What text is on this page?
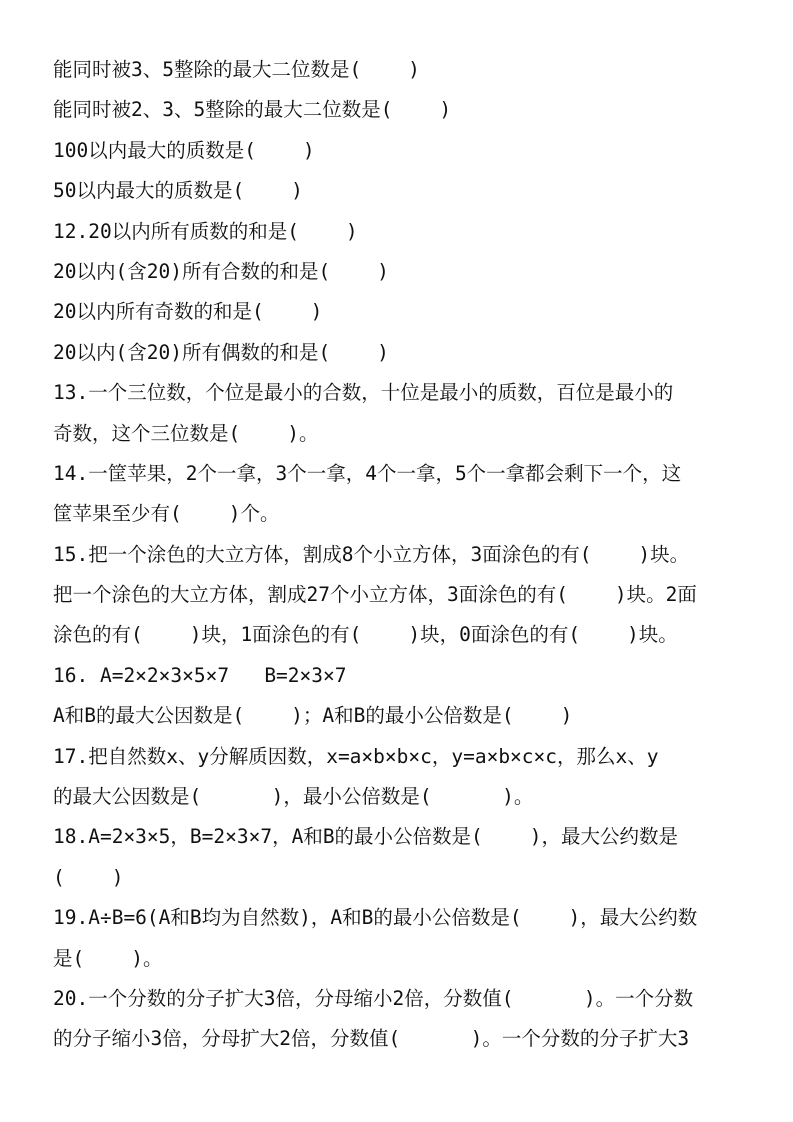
能同时被3、5整除的最大二位数是(    )
能同时被2、3、5整除的最大二位数是(    )
100以内最大的质数是(    )
50以内最大的质数是(    )
12.20以内所有质数的和是(    )
20以内(含20)所有合数的和是(    )
20以内所有奇数的和是(    )
20以内(含20)所有偶数的和是(    )
13.一个三位数，个位是最小的合数，十位是最小的质数，百位是最小的
奇数，这个三位数是(    )。
14.一筐苹果，2个一拿，3个一拿，4个一拿，5个一拿都会剩下一个，这
筐苹果至少有(    )个。
15.把一个涂色的大立方体，割成8个小立方体，3面涂色的有(    )块。
把一个涂色的大立方体，割成27个小立方体，3面涂色的有(    )块。2面
涂色的有(    )块，1面涂色的有(    )块，0面涂色的有(    )块。
16. A=2×2×3×5×7   B=2×3×7
A和B的最大公因数是(    )；A和B的最小公倍数是(    )
17.把自然数x、y分解质因数，x=a×b×b×c，y=a×b×c×c，那么x、y
的最大公因数是(      )，最小公倍数是(      )。
18.A=2×3×5，B=2×3×7，A和B的最小公倍数是(    )，最大公约数是
(    )
19.A÷B=6(A和B均为自然数)，A和B的最小公倍数是(    )，最大公约数
是(    )。
20.一个分数的分子扩大3倍，分母缩小2倍，分数值(      )。一个分数
的分子缩小3倍，分母扩大2倍，分数值(      )。一个分数的分子扩大3
